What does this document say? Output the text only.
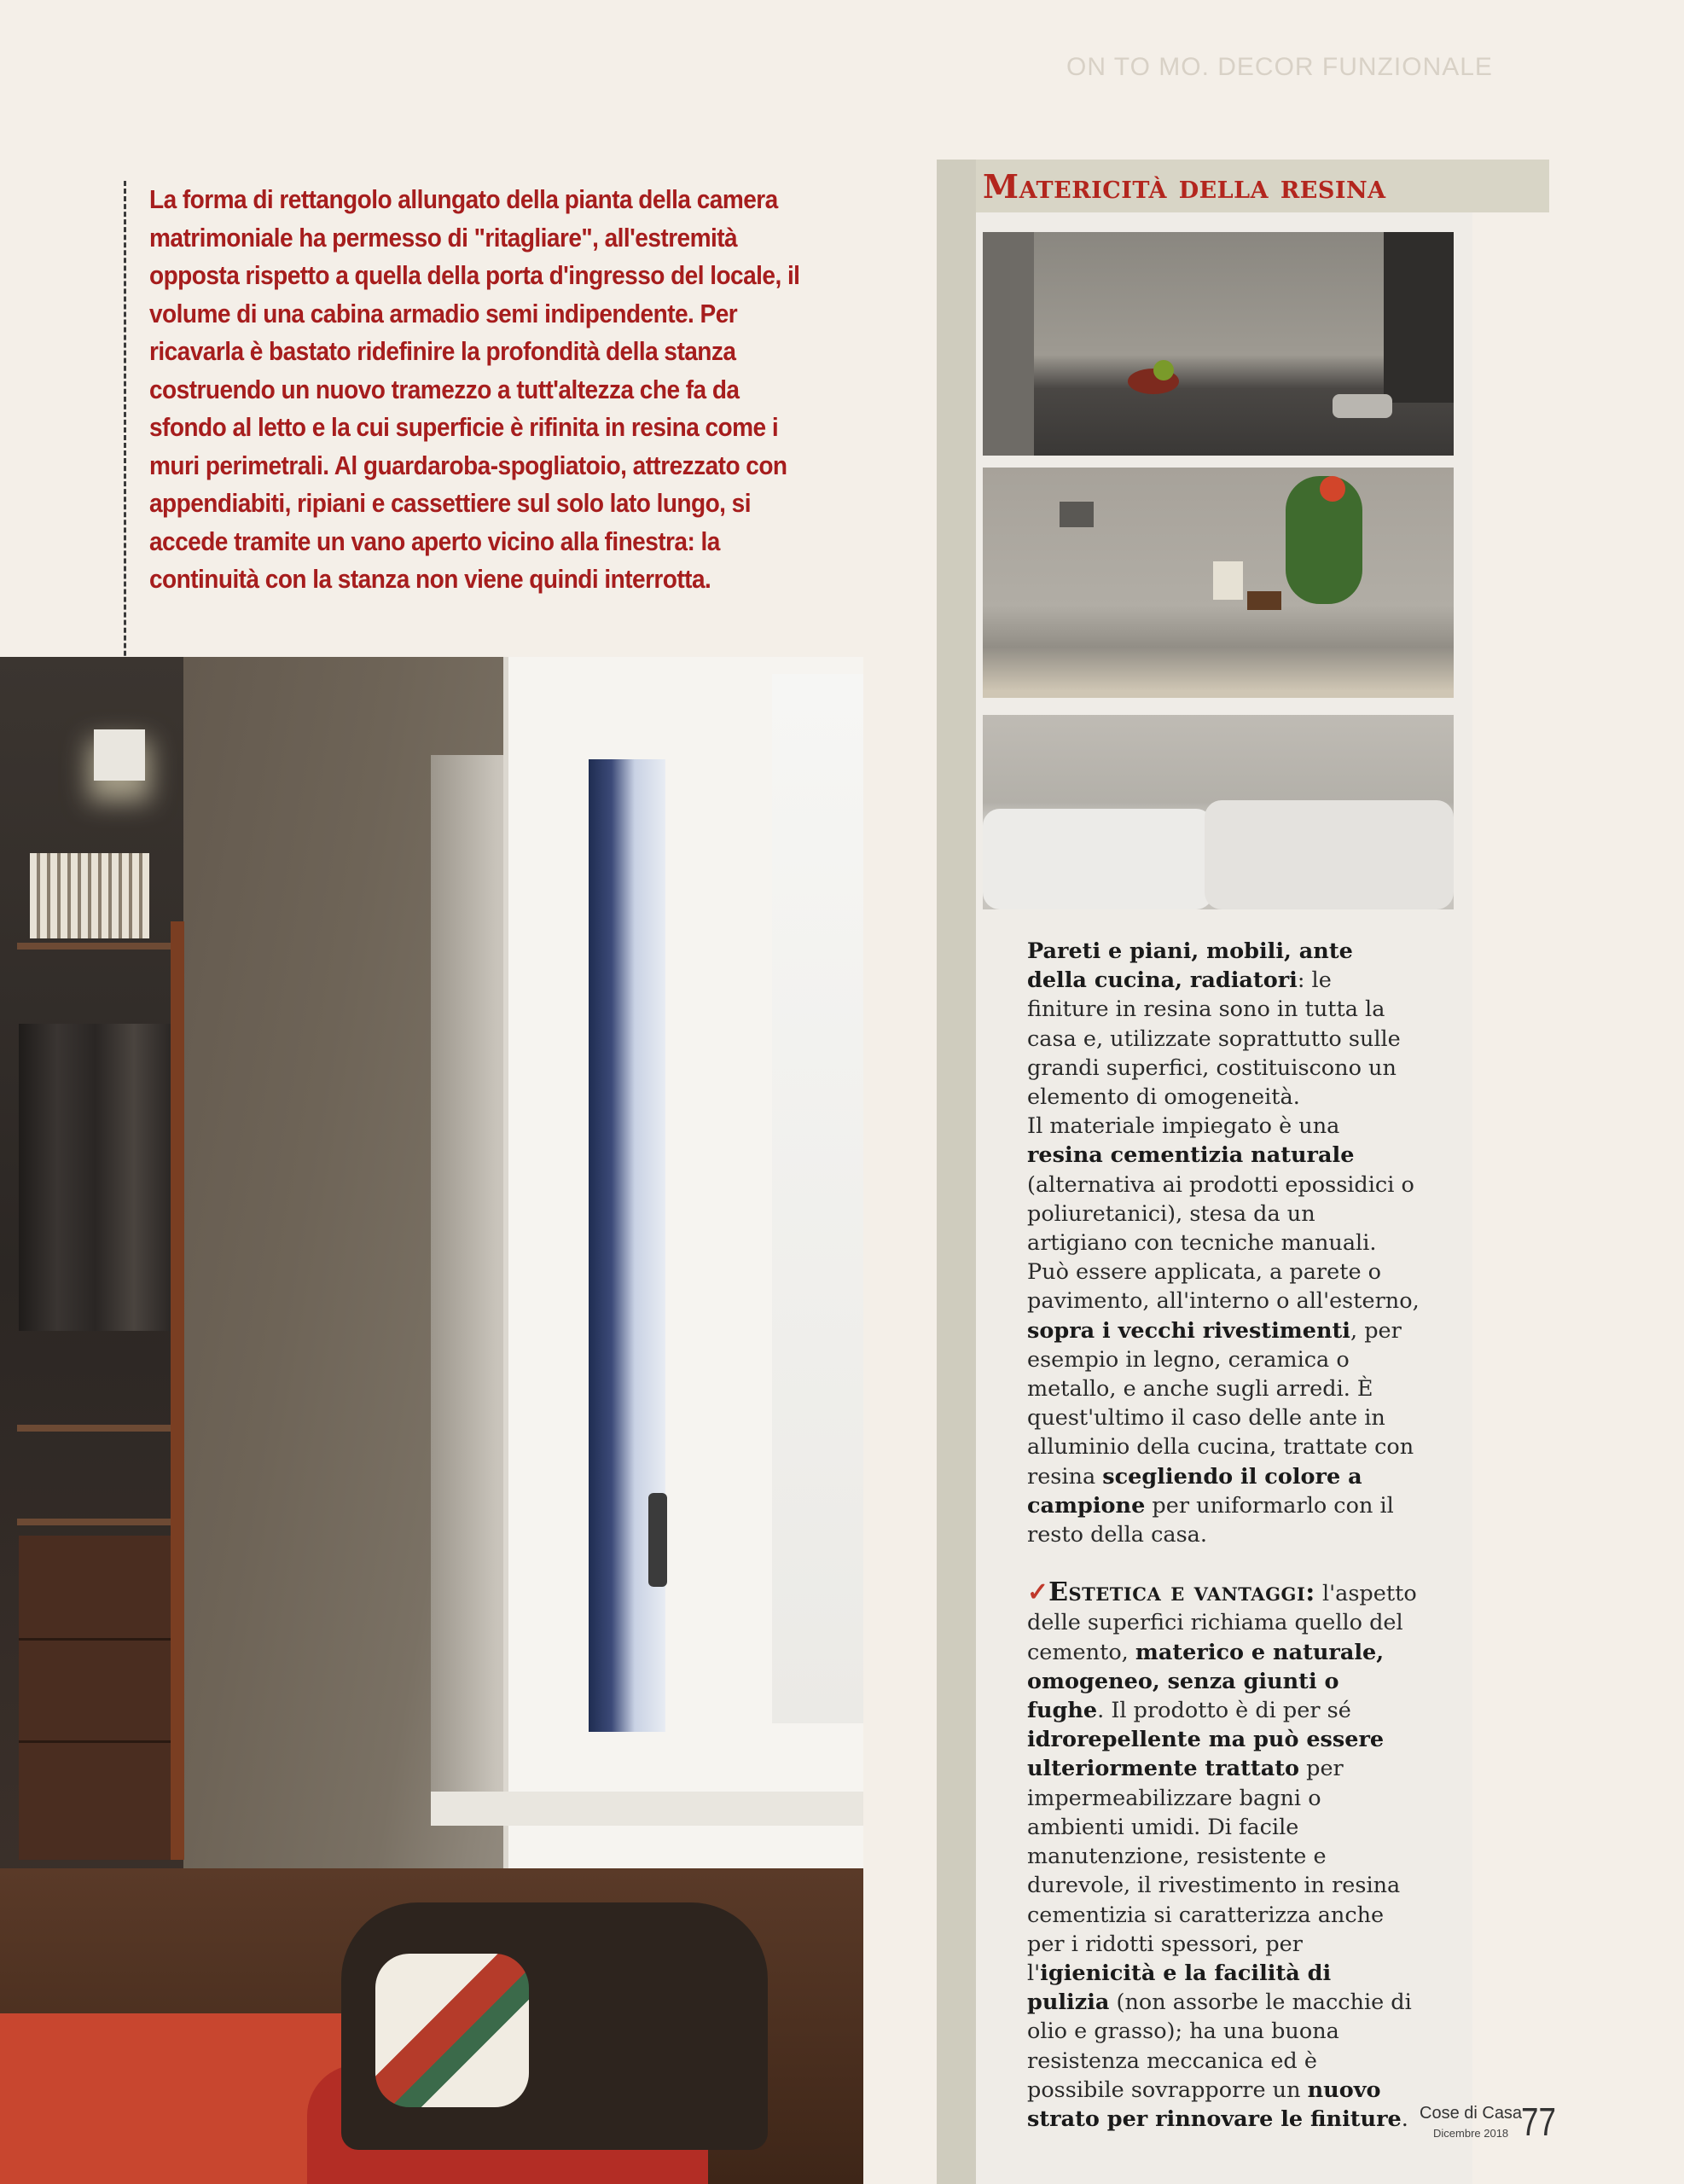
ON TO MO. DECOR FUNZIONALE
La forma di rettangolo allungato della pianta della camera matrimoniale ha permesso di "ritagliare", all'estremità opposta rispetto a quella della porta d'ingresso del locale, il volume di una cabina armadio semi indipendente. Per ricavarla è bastato ridefinire la profondità della stanza costruendo un nuovo tramezzo a tutt'altezza che fa da sfondo al letto e la cui superficie è rifinita in resina come i muri perimetrali. Al guardaroba-spogliatoio, attrezzato con appendiabiti, ripiani e cassettiere sul solo lato lungo, si accede tramite un vano aperto vicino alla finestra: la continuità con la stanza non viene quindi interrotta.
Matericità della resina

Pareti e piani, mobili, ante della cucina, radiatori: le finiture in resina sono in tutta la casa e, utilizzate soprattutto sulle grandi superfici, costituiscono un elemento di omogeneità.

Il materiale impiegato è una resina cementizia naturale (alternativa ai prodotti epossidici o poliuretanici), stesa da un artigiano con tecniche manuali. Può essere applicata, a parete o pavimento, all'interno o all'esterno, sopra i vecchi rivestimenti, per esempio in legno, ceramica o metallo, e anche sugli arredi. È quest'ultimo il caso delle ante in alluminio della cucina, trattate con resina scegliendo il colore a campione per uniformarlo con il resto della casa.

✓Estetica e vantaggi: l'aspetto delle superfici richiama quello del cemento, materico e naturale, omogeneo, senza giunti o fughe. Il prodotto è di per sé idrorepellente ma può essere ulteriormente trattato per impermeabilizzare bagni o ambienti umidi. Di facile manutenzione, resistente e durevole, il rivestimento in resina cementizia si caratterizza anche per i ridotti spessori, per l'igienicità e la facilità di pulizia (non assorbe le macchie di olio e grasso); ha una buona resistenza meccanica ed è possibile sovrapporre un nuovo strato per rinnovare le finiture. Cose di Casa
Dicembre 2018 77
